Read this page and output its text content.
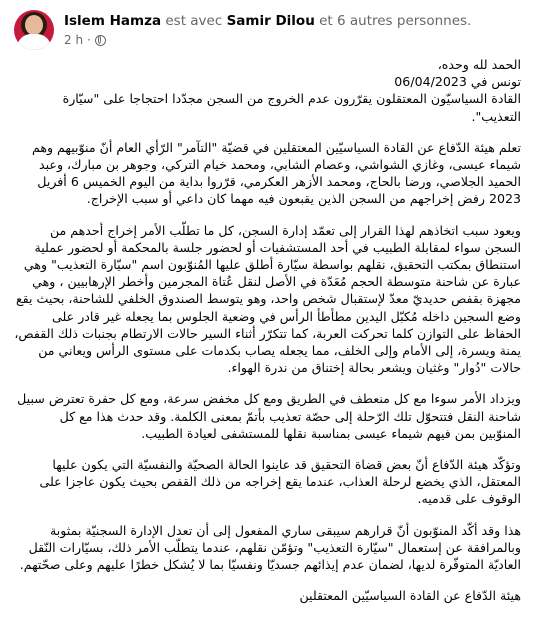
Islem Hamza est avec Samir Dilou et 6 autres personnes.
2 h ·

الحمد لله وحده،

تونس في 06/04/2023

القادة السياسيّون المعتقلون يقرّرون عدم الخروج من السجن مجدّدا احتجاجا على "سيّارة التعذيب".

تعلم هيئة الدّفاع عن القادة السياسيّين المعتقلين في قضيّة "التآمر" الرّأي العام أنّ منوّبيهم وهم شيماء عيسى، وغازي الشواشي، وعصام الشابي، ومحمد خيام التركي، وجوهر بن مبارك، وعبد الحميد الجلاصي، ورضا بالحاج، ومحمد الأزهر العكرمي، قرّروا بداية من اليوم الخميس 6 أفريل 2023 رفض إخراجهم من السجن الذين يقبعون فيه مهما كان داعي أو سبب الإخراج.

ويعود سبب اتخاذهم لهذا القرار إلى تعمّد إدارة السجن، كل ما تطلّب الأمر إخراج أحدهم من السجن سواء لمقابلة الطبيب في أحد المستشفيات أو لحضور جلسة بالمحكمة أو لحضور عملية استنطاق بمكتب التحقيق، نقلهم بواسطة سيّارة أطلق عليها المُنوّبون اسم "سيّارة التعذيب" وهي عبارة عن شاحنة متوسطة الحجم مُعَدّة في الأصل لنقل عُتاة المجرمين وأخطر الإرهابيين ، وهي مجهزة بقفص حديديّ معدّ لإستقبال شخص واحد، وهو يتوسط الصندوق الخلفي للشاحنة، بحيث يقع وضع السجين داخله مُكبّل اليدين مطأطأ الرأس في وضعية الجلوس بما يجعله غير قادر على الحفاظ على التوازن كلما تحركت العربة، كما تتكرّر أثناء السير حالات الارتطام بجنبات ذلك القفص، يمنة ويسرة، إلى الأمام وإلى الخلف، مما يجعله يصاب بكدمات على مستوى الرأس ويعاني من حالات "دُوار" وغثيان ويشعر بحالة إختناق من ندرة الهواء.

ويزداد الأمر سوءا مع كل منعطف في الطريق ومع كل مخفض سرعة، ومع كل حفرة تعترض سبيل شاحنة النقل فتتحوّل تلك الرّحلة إلى حصّة تعذيب بأتمّ بمعنى الكلمة. وقد حدث هذا مع كل المنوّبين بمن فيهم شيماء عيسى بمناسبة نقلها للمستشفى لعيادة الطبيب.

وتؤكّد هيئة الدّفاع أنّ بعض قضاة التحقيق قد عاينوا الحالة الصحيّة والنفسيّة التي يكون عليها المعتقل، الذي يخضع لرحلة العذاب، عندما يقع إخراجه من ذلك القفص بحيث يكون عاجزا على الوقوف على قدميه.

هذا وقد أكّد المنوّبون أنّ قرارهم سيبقى ساري المفعول إلى أن تعدل الإدارة السجنيّة بمثوبة وبالمرافقة عن إستعمال "سيّارة التعذيب" وتؤمّن نقلهم، عندما يتطلّب الأمر ذلك، بسيّارات النّقل العاديّة المتوفّرة لديها، لضمان عدم إيذائهم جسديّا ونفسيّا بما لا يُشكل خطرًا عليهم وعلى صحّتهم.

هيئة الدّفاع عن القادة السياسيّين المعتقلين
